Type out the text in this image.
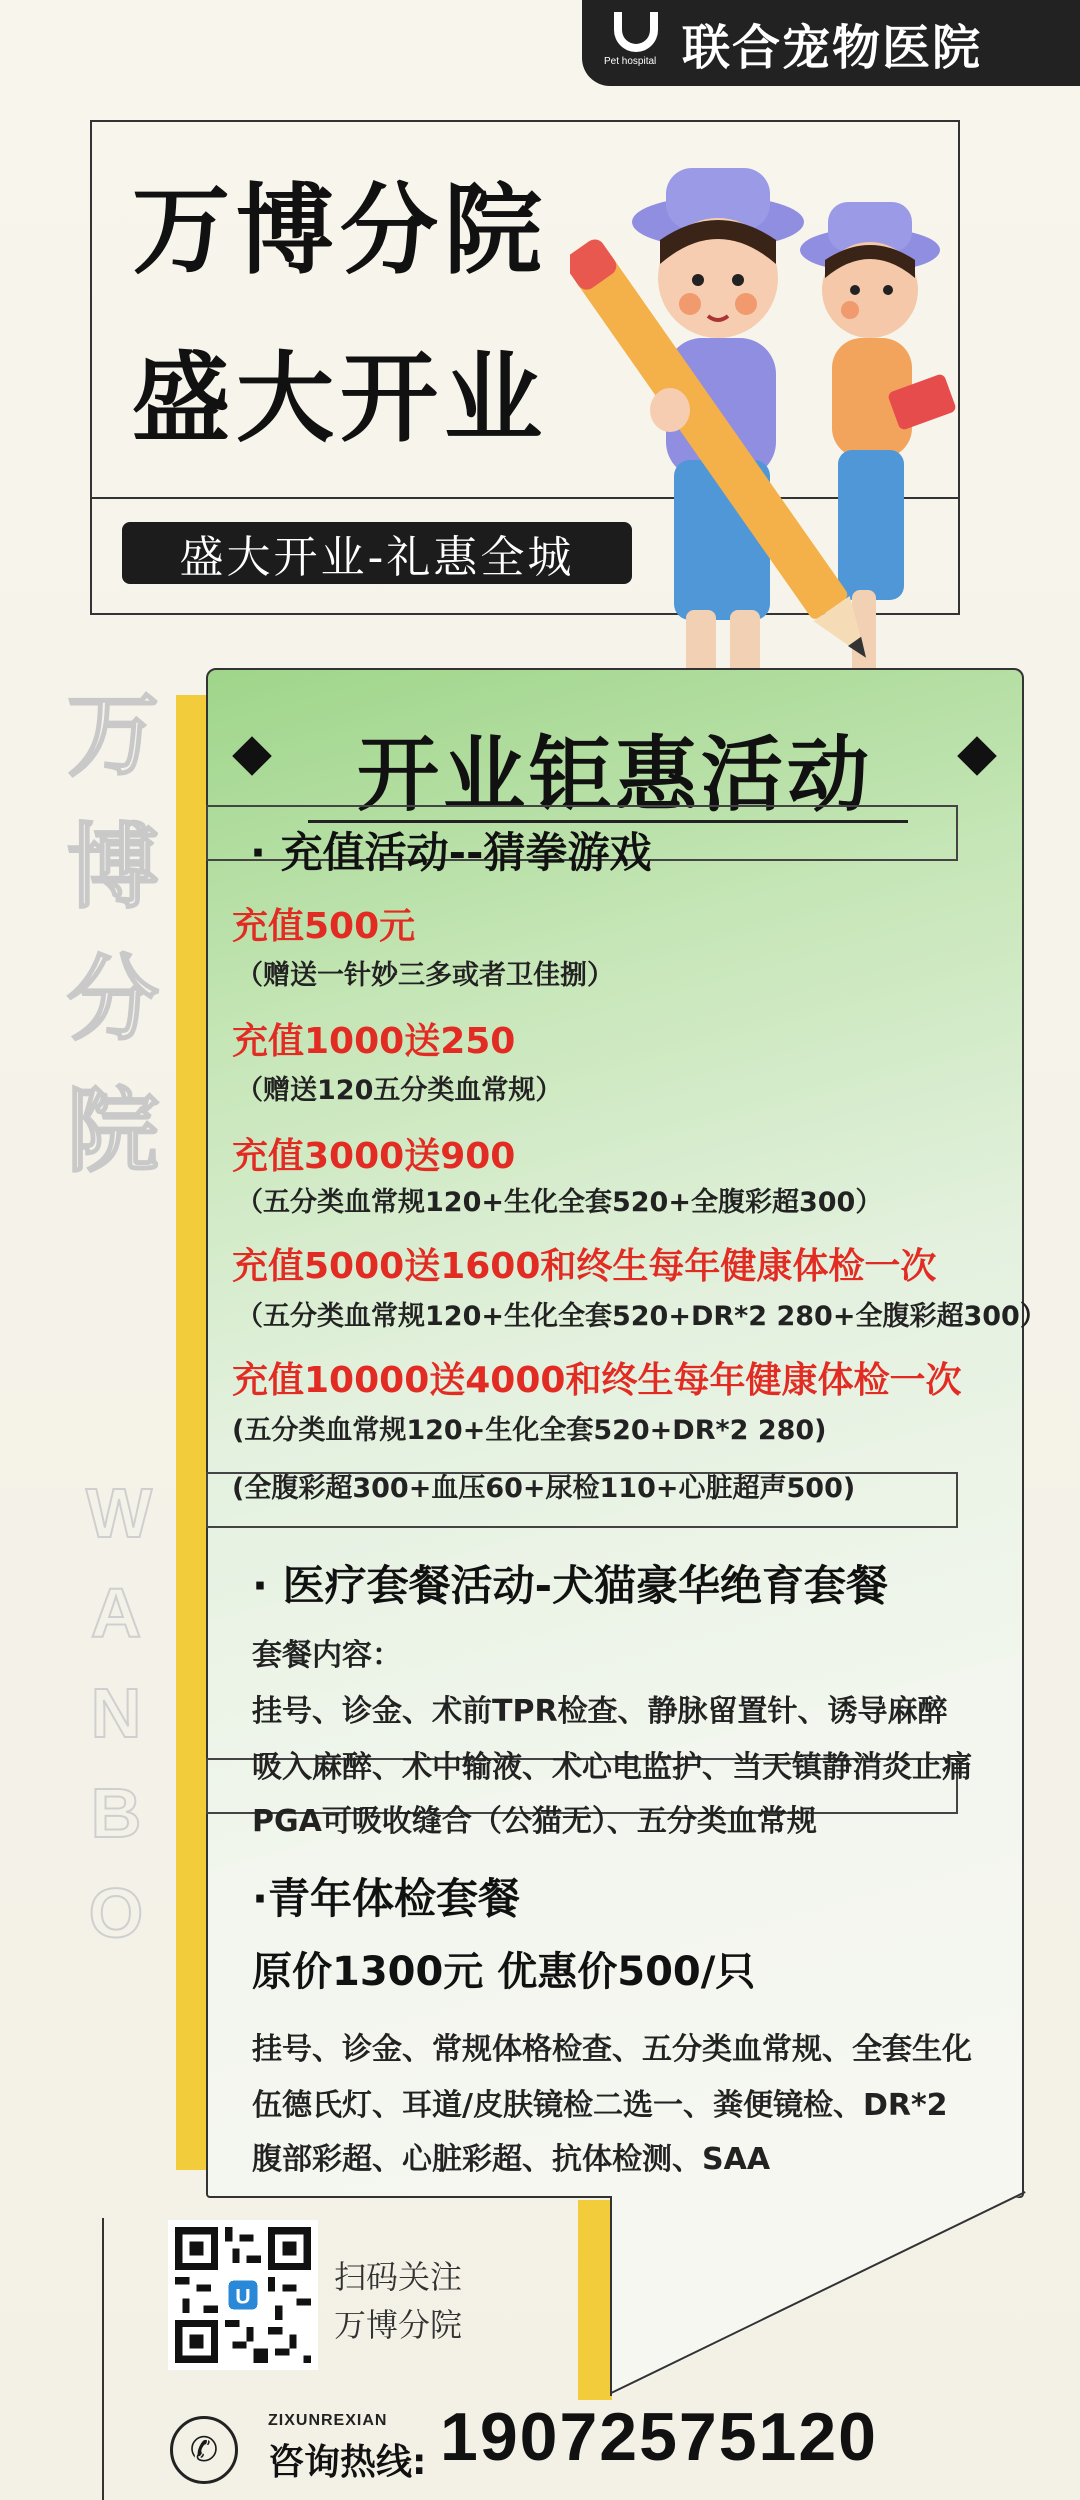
Pet hospital 联合宠物医院
万博分院
盛大开业
盛大开业-礼惠全城
万
博
分
院
W
A
N
B
O
开业钜惠活动
· 充值活动--猜拳游戏
充值500元
（赠送一针妙三多或者卫佳捌）
充值1000送250
（赠送120五分类血常规）
充值3000送900
（五分类血常规120+生化全套520+全腹彩超300）
充值5000送1600和终生每年健康体检一次
（五分类血常规120+生化全套520+DR*2 280+全腹彩超300）
充值10000送4000和终生每年健康体检一次
(五分类血常规120+生化全套520+DR*2 280)
(全腹彩超300+血压60+尿检110+心脏超声500)
· 医疗套餐活动-犬猫豪华绝育套餐
套餐内容：
挂号、诊金、术前TPR检查、静脉留置针、诱导麻醉
吸入麻醉、术中输液、术心电监护、当天镇静消炎止痛
PGA可吸收缝合（公猫无）、五分类血常规
·青年体检套餐
原价1300元 优惠价500/只
挂号、诊金、常规体格检查、五分类血常规、全套生化
伍德氏灯、耳道/皮肤镜检二选一、粪便镜检、DR*2
腹部彩超、心脏彩超、抗体检测、SAA
U
扫码关注
万博分院
✆
ZIXUNREXIAN
咨询热线: 19072575120
